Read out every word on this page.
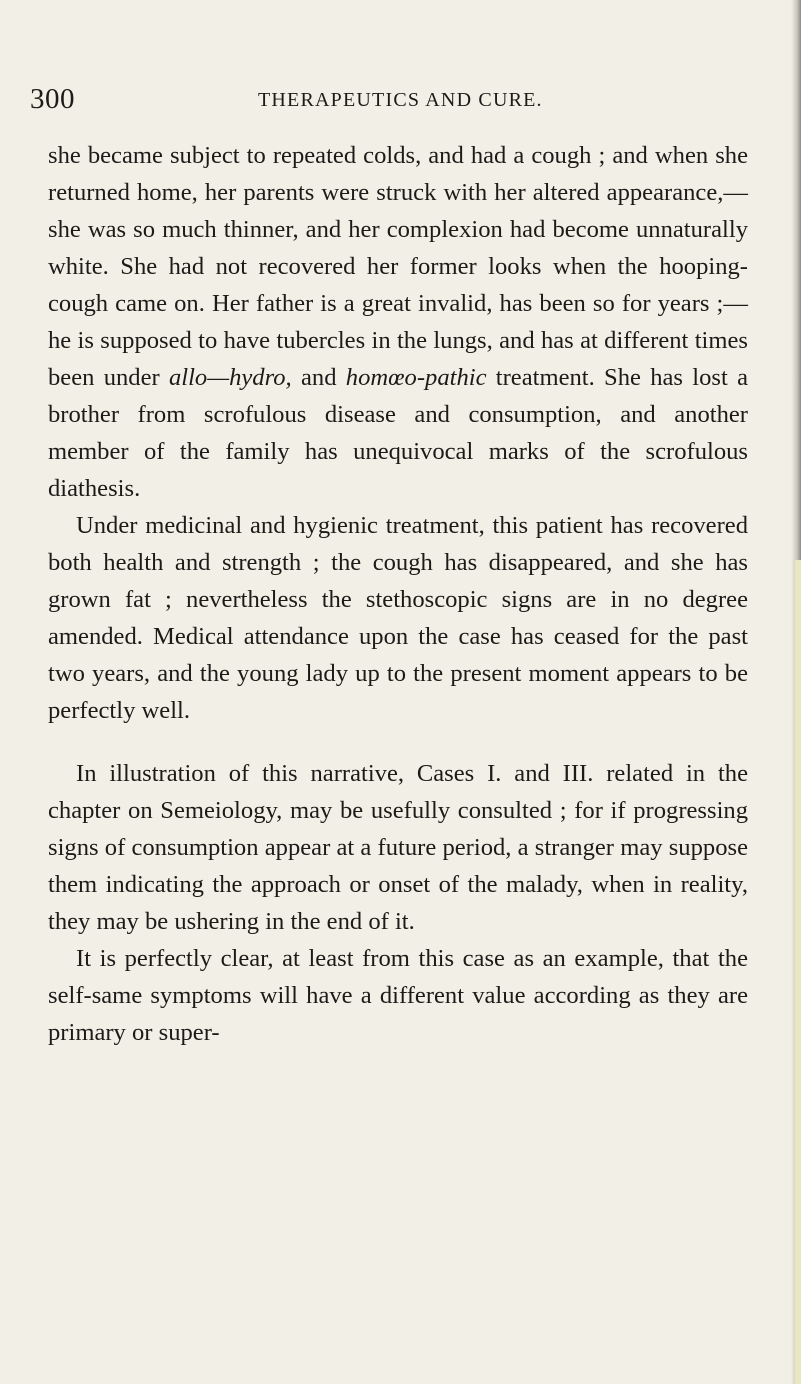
300	THERAPEUTICS AND CURE.

she became subject to repeated colds, and had a cough ; and when she returned home, her parents were struck with her altered appearance,—she was so much thinner, and her complexion had become unnaturally white. She had not recovered her former looks when the hooping-cough came on. Her father is a great invalid, has been so for years ;—he is supposed to have tubercles in the lungs, and has at different times been under allo—hydro, and homœo-pathic treatment. She has lost a brother from scrofulous disease and consumption, and another member of the family has unequivocal marks of the scrofulous diathesis.

Under medicinal and hygienic treatment, this patient has recovered both health and strength ; the cough has disappeared, and she has grown fat ; nevertheless the stethoscopic signs are in no degree amended. Medical attendance upon the case has ceased for the past two years, and the young lady up to the present moment appears to be perfectly well.

In illustration of this narrative, Cases I. and III. related in the chapter on Semeiology, may be usefully consulted ; for if progressing signs of consumption appear at a future period, a stranger may suppose them indicating the approach or onset of the malady, when in reality, they may be ushering in the end of it.

It is perfectly clear, at least from this case as an example, that the self-same symptoms will have a different value according as they are primary or super-
